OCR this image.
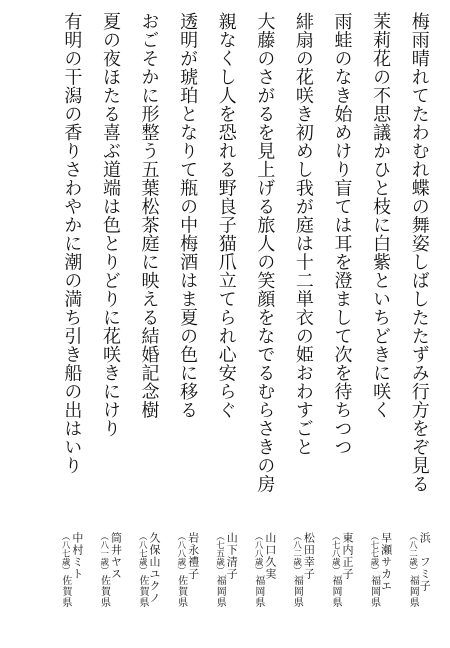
梅雨晴れてたわむれ蝶の舞姿しばしたたずみ行方をぞ見る
浜　フミ子
（八二歳）
福岡県
茉莉花の不思議かひと枝に白紫といちどきに咲く
早瀬サカエ
（七七歳）
福岡県
雨蛙のなき始めけり盲ては耳を澄まして次を待ちつつ
東内正子
（七八歳）
福岡県
緋扇の花咲き初めし我が庭は十二単衣の姫おわすごと
松田幸子
（八二歳）
福岡県
大藤のさがるを見上げる旅人の笑顔をなでるむらさきの房
山口久実
（八八歳）
福岡県
親なくし人を恐れる野良子猫爪立てられ心安らぐ
山下清子
（七五歳）
福岡県
透明が琥珀となりて瓶の中梅酒はま夏の色に移る
岩永禮子
（八八歳）
佐賀県
おごそかに形整う五葉松茶庭に映える結婚記念樹
久保山ユクノ
（八七歳）
佐賀県
夏の夜ほたる喜ぶ道端は色とりどりに花咲きにけり
筒井ヤス
（八一歳）
佐賀県
有明の干潟の香りさわやかに潮の満ち引き船の出はいり
中村ミト
（八七歳）
佐賀県
